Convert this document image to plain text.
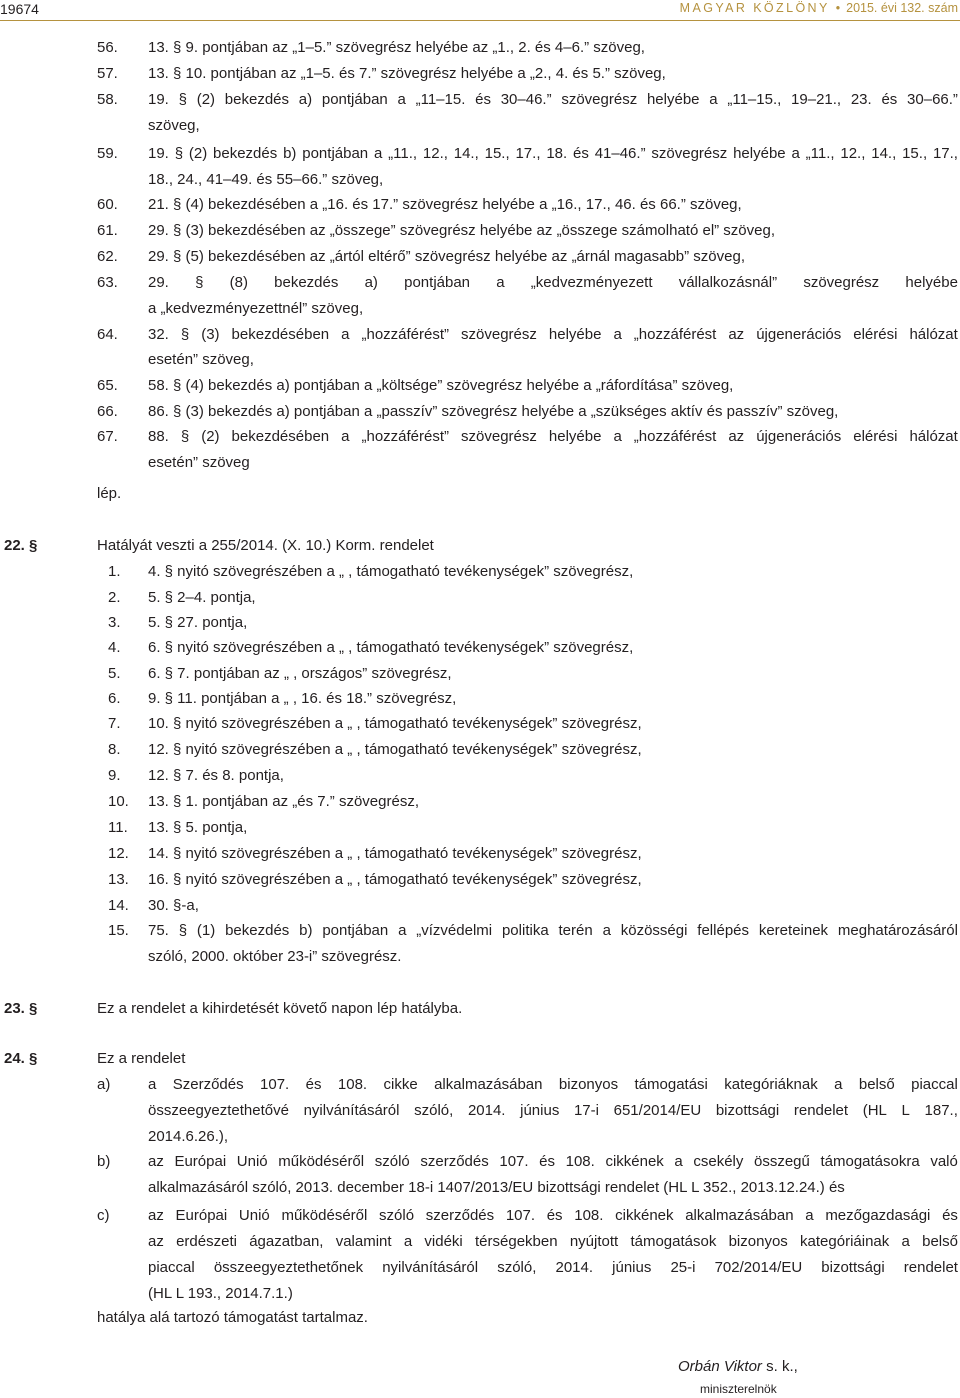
19674	MAGYAR KÖZLÖNY • 2015. évi 132. szám
56. 13. § 9. pontjában az „1–5.” szövegrész helyébe az „1., 2. és 4–6.” szöveg,
57. 13. § 10. pontjában az „1–5. és 7.” szövegrész helyébe a „2., 4. és 5.” szöveg,
58. 19. § (2) bekezdés a) pontjában a „11–15. és 30–46.” szövegrész helyébe a „11–15., 19–21., 23. és 30–66.”
szöveg,
59. 19. § (2) bekezdés b) pontjában a „11., 12., 14., 15., 17., 18. és 41–46.” szövegrész helyébe a „11., 12., 14., 15., 17.,
18., 24., 41–49. és 55–66.” szöveg,
60. 21. § (4) bekezdésében a „16. és 17.” szövegrész helyébe a „16., 17., 46. és 66.” szöveg,
61. 29. § (3) bekezdésében az „összege” szövegrész helyébe az „összege számolható el” szöveg,
62. 29. § (5) bekezdésében az „ártól eltérő” szövegrész helyébe az „árnál magasabb” szöveg,
63. 29. § (8) bekezdés a) pontjában a „kedvezményezett vállalkozásnál” szövegrész helyébe
a „kedvezményezettnél” szöveg,
64. 32. § (3) bekezdésében a „hozzáférést” szövegrész helyébe a „hozzáférést az újgenerációs elérési hálózat
esetén” szöveg,
65. 58. § (4) bekezdés a) pontjában a „költsége” szövegrész helyébe a „ráfordítása” szöveg,
66. 86. § (3) bekezdés a) pontjában a „passzív” szövegrész helyébe a „szükséges aktív és passzív” szöveg,
67. 88. § (2) bekezdésében a „hozzáférést” szövegrész helyébe a „hozzáférést az újgenerációs elérési hálózat
esetén” szöveg
lép.
22. §	Hatályát veszti a 255/2014. (X. 10.) Korm. rendelet
1. 4. § nyitó szövegrészében a „ , támogatható tevékenységek” szövegrész,
2. 5. § 2–4. pontja,
3. 5. § 27. pontja,
4. 6. § nyitó szövegrészében a „ , támogatható tevékenységek” szövegrész,
5. 6. § 7. pontjában az „ , országos” szövegrész,
6. 9. § 11. pontjában a „ , 16. és 18.” szövegrész,
7. 10. § nyitó szövegrészében a „ , támogatható tevékenységek” szövegrész,
8. 12. § nyitó szövegrészében a „ , támogatható tevékenységek” szövegrész,
9. 12. § 7. és 8. pontja,
10. 13. § 1. pontjában az „és 7.” szövegrész,
11. 13. § 5. pontja,
12. 14. § nyitó szövegrészében a „ , támogatható tevékenységek” szövegrész,
13. 16. § nyitó szövegrészében a „ , támogatható tevékenységek” szövegrész,
14. 30. §-a,
15. 75. § (1) bekezdés b) pontjában a „vízvédelmi politika terén a közösségi fellépés kereteinek meghatározásáról
szóló, 2000. október 23-i” szövegrész.
23. §	Ez a rendelet a kihirdetését követő napon lép hatályba.
24. §	Ez a rendelet
a)	a Szerződés 107. és 108. cikke alkalmazásában bizonyos támogatási kategóriáknak a belső piaccal
összeegyeztethetővé nyilvánításáról szóló, 2014. június 17-i 651/2014/EU bizottsági rendelet (HL L 187.,
2014.6.26.),
b)	az Európai Unió működéséről szóló szerződés 107. és 108. cikkének a csekély összegű támogatásokra való
alkalmazásáról szóló, 2013. december 18-i 1407/2013/EU bizottsági rendelet (HL L 352., 2013.12.24.) és
c)	az Európai Unió működéséről szóló szerződés 107. és 108. cikkének alkalmazásában a mezőgazdasági és
az erdészeti ágazatban, valamint a vidéki térségekben nyújtott támogatások bizonyos kategóriáinak a belső
piaccal összeegyeztethetőnek nyilvánításáról szóló, 2014. június 25-i 702/2014/EU bizottsági rendelet
(HL L 193., 2014.7.1.)
hatálya alá tartozó támogatást tartalmaz.
Orbán Viktor s. k.,
miniszterelnök
